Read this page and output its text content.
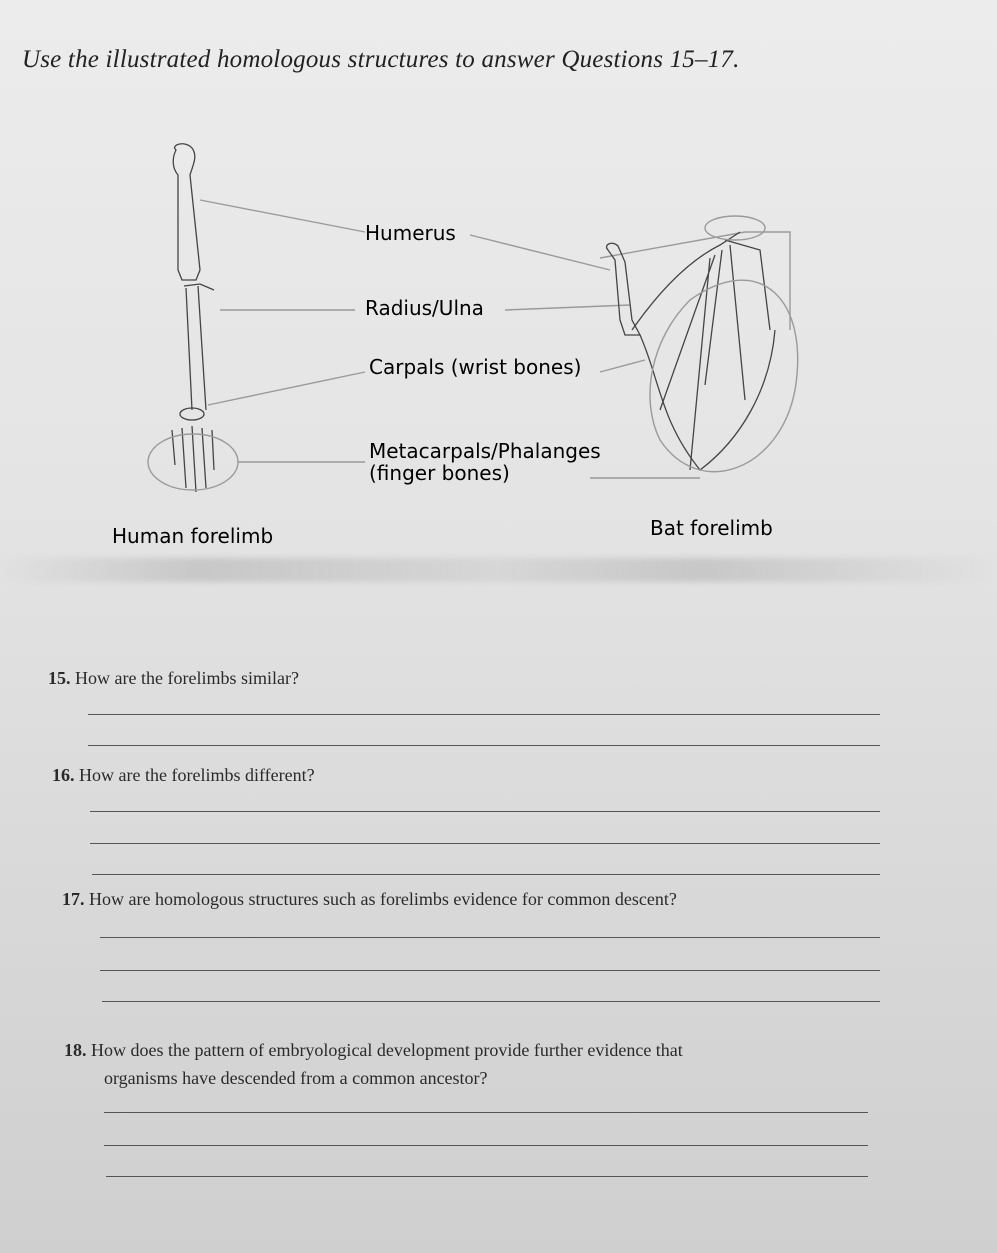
Use the illustrated homologous structures to answer Questions 15–17.
Humerus
Radius/Ulna
Carpals (wrist bones)
Metacarpals/Phalanges
(finger bones)
Human forelimb	Bat forelimb
15. How are the forelimbs similar?
16. How are the forelimbs different?
17. How are homologous structures such as forelimbs evidence for common descent?
18. How does the pattern of embryological development provide further evidence that
organisms have descended from a common ancestor?
